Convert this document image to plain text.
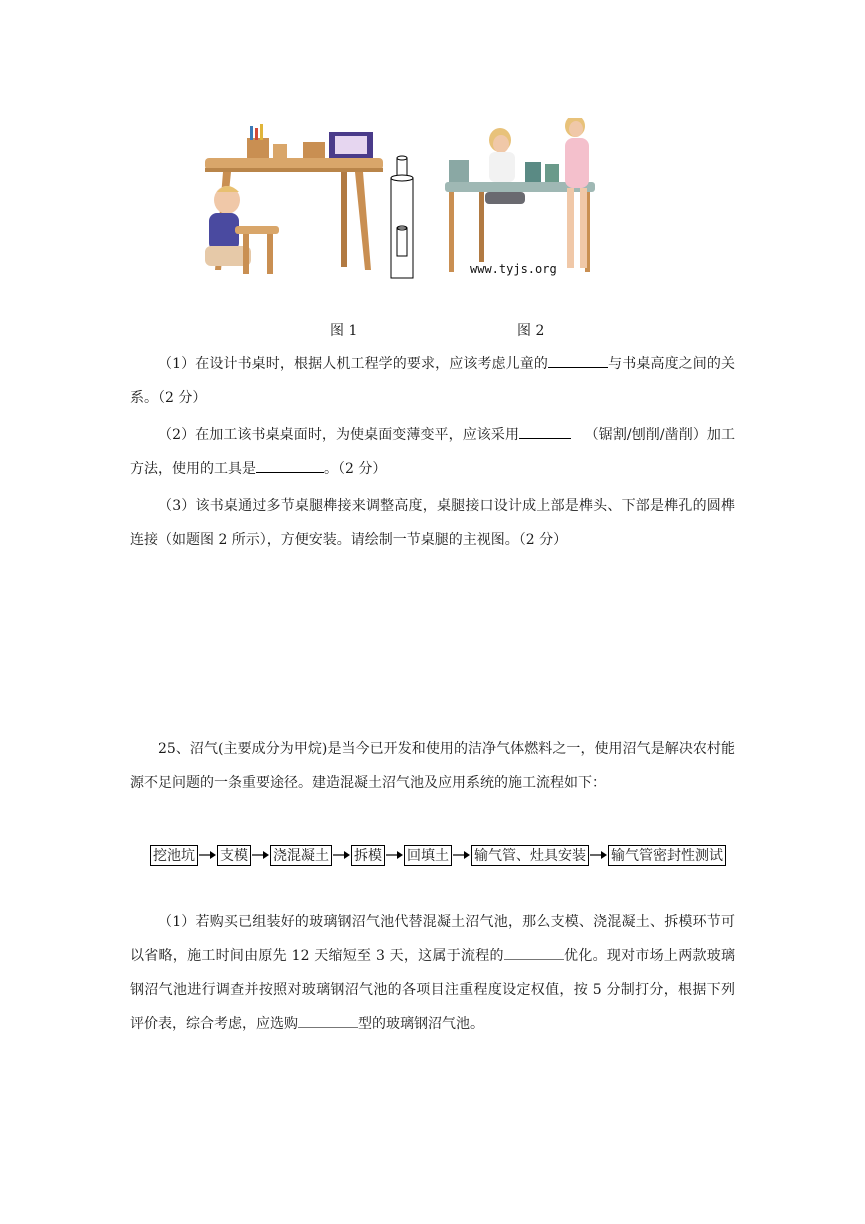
www.tyjs.org
图 1	图 2

（1）在设计书桌时，根据人机工程学的要求，应该考虑儿童的	与书桌高度之间的关系。（2 分）

（2）在加工该书桌桌面时，为使桌面变薄变平，应该采用	（锯割/刨削/凿削）加工方法，使用的工具是	。（2 分）

（3）该书桌通过多节桌腿榫接来调整高度，桌腿接口设计成上部是榫头、下部是榫孔的圆榫连接（如题图 2 所示），方便安装。请绘制一节桌腿的主视图。（2 分）

25、沼气(主要成分为甲烷)是当今已开发和使用的洁净气体燃料之一，使用沼气是解决农村能源不足问题的一条重要途径。建造混凝土沼气池及应用系统的施工流程如下：

挖池坑 支模 浇混凝土 拆模 回填土 输气管、灶具安装 输气管密封性测试

（1）若购买已组装好的玻璃钢沼气池代替混凝土沼气池，那么支模、浇混凝土、拆模环节可以省略，施工时间由原先 12 天缩短至 3 天，这属于流程的	优化。现对市场上两款玻璃钢沼气池进行调查并按照对玻璃钢沼气池的各项目注重程度设定权值，按 5 分制打分，根据下列评价表，综合考虑，应选购	型的玻璃钢沼气池。
